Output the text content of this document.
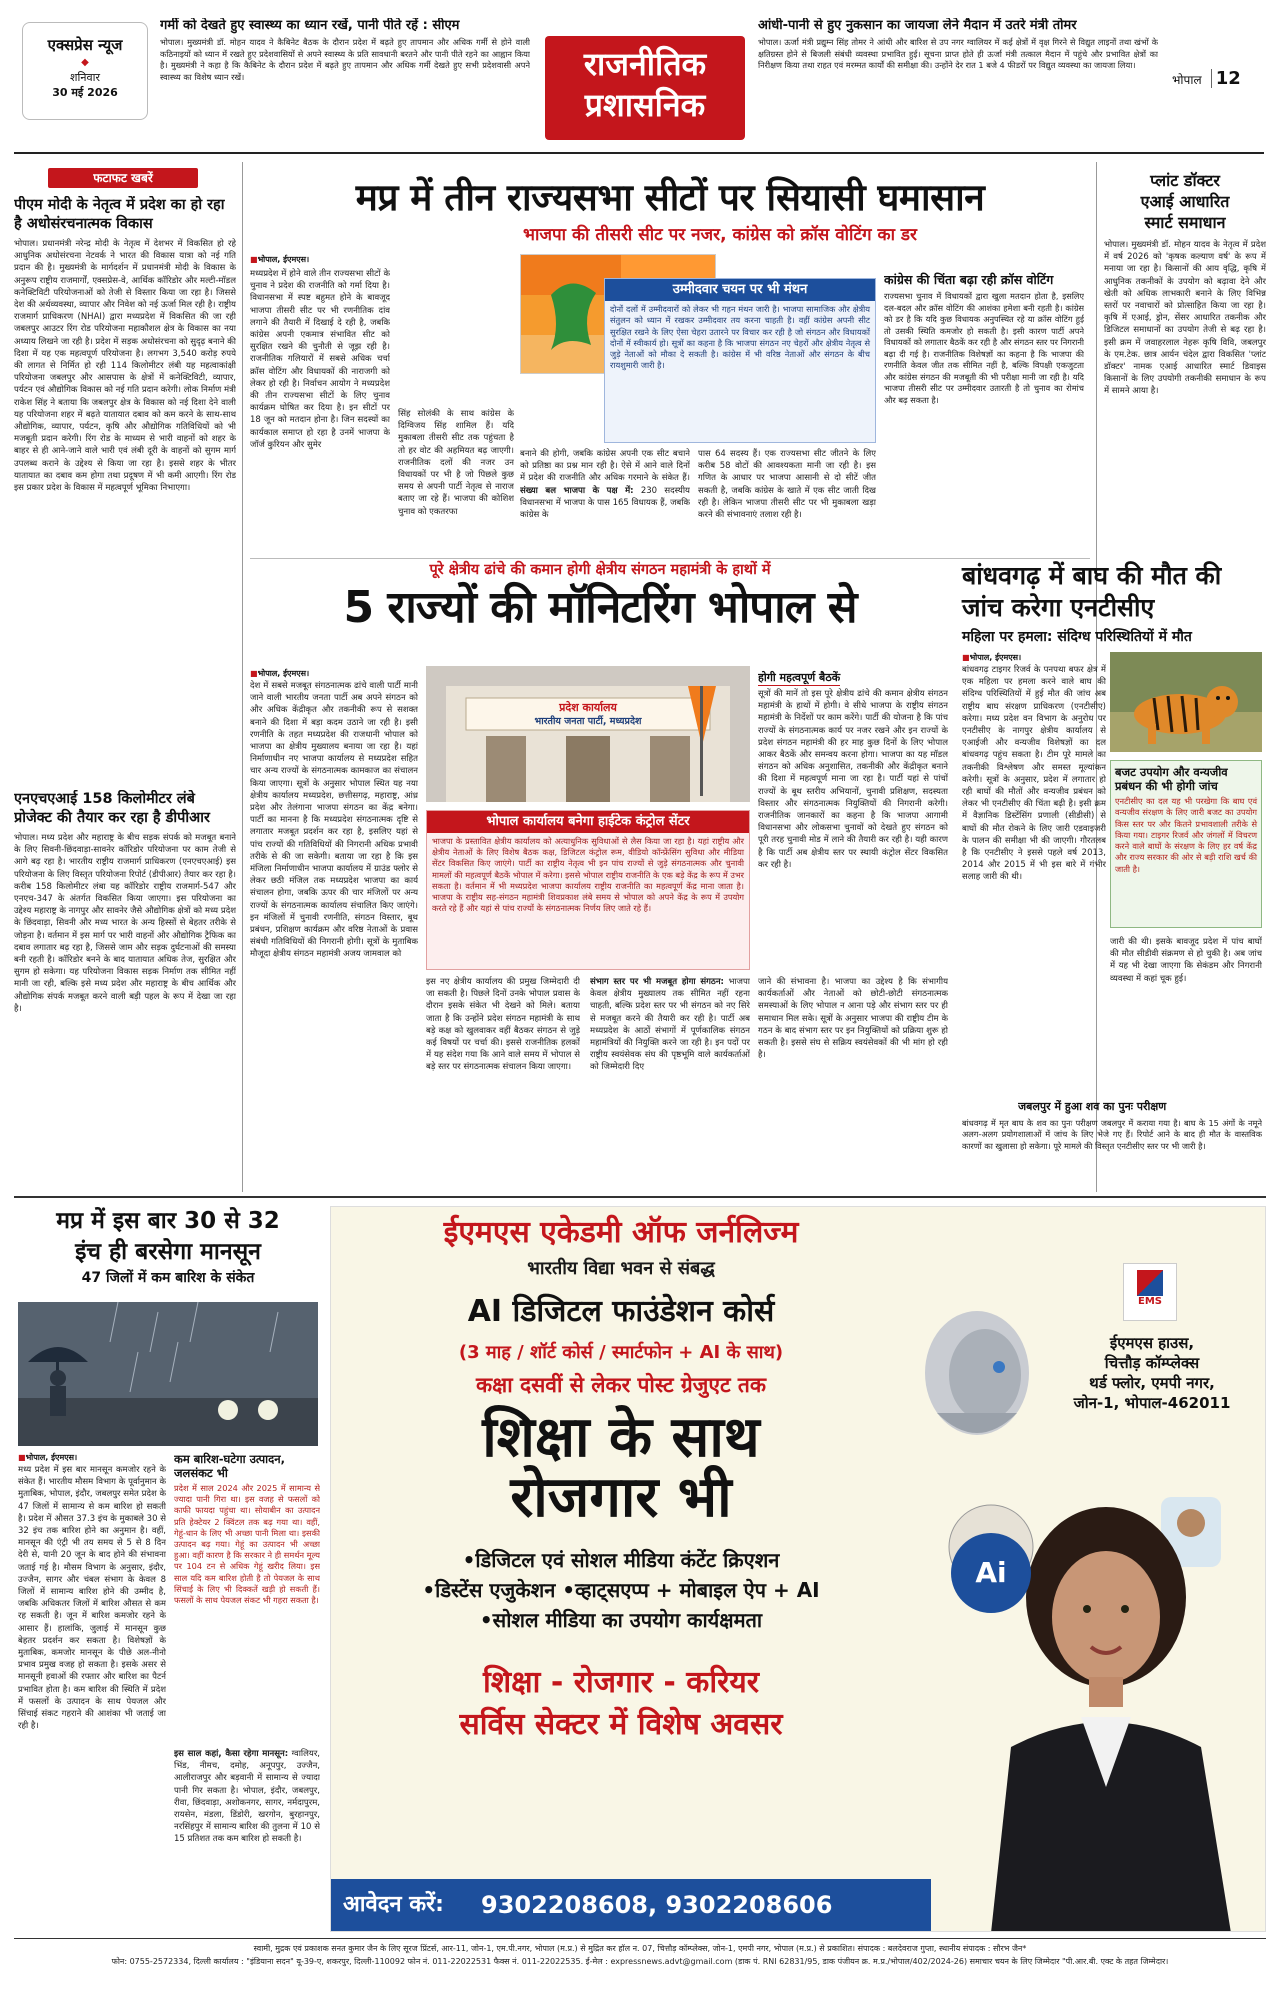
एक्सप्रेस न्यूज
◆
शनिवार
30 मई 2026
गर्मी को देखते हुए स्वास्थ्य का ध्यान रखें, पानी पीते रहें : सीएम
भोपाल। मुख्यमंत्री डॉ. मोहन यादव ने कैबिनेट बैठक के दौरान प्रदेश में बढ़ते हुए तापमान और अधिक गर्मी से होने वाली कठिनाइयों को ध्यान में रखते हुए प्रदेशवासियों से अपने स्वास्थ्य के प्रति सावधानी बरतने और पानी पीते रहने का आह्वान किया है। मुख्यमंत्री ने कहा है कि कैबिनेट के दौरान प्रदेश में बढ़ते हुए तापमान और अधिक गर्मी देखते हुए सभी प्रदेशवासी अपने स्वास्थ्य का विशेष ध्यान रखें।	राजनीतिक
प्रशासनिक
आंधी-पानी से हुए नुकसान का जायजा लेने मैदान में उतरे मंत्री तोमर
भोपाल। ऊर्जा मंत्री प्रद्युम्न सिंह तोमर ने आंधी और बारिश से उप नगर ग्वालियर में कई क्षेत्रों में वृक्ष गिरने से विद्युत लाइनों तथा खंभों के क्षतिग्रस्त होने से बिजली संबंधी व्यवस्था प्रभावित हुई। सूचना प्राप्त होते ही ऊर्जा मंत्री तत्काल मैदान में पहुंचे और प्रभावित क्षेत्रों का निरीक्षण किया तथा राहत एवं मरम्मत कार्यों की समीक्षा की। उन्होंने देर रात 1 बजे 4 फीडरों पर विद्युत व्यवस्था का जायजा लिया।
भोपाल 12
फटाफट खबरें
पीएम मोदी के नेतृत्व में प्रदेश का हो रहा है अधोसंरचनात्मक विकास
भोपाल। प्रधानमंत्री नरेन्द्र मोदी के नेतृत्व में देशभर में विकसित हो रहे आधुनिक अधोसंरचना नेटवर्क ने भारत की विकास यात्रा को नई गति प्रदान की है। मुख्यमंत्री के मार्गदर्शन में प्रधानमंत्री मोदी के विकास के अनुरूप राष्ट्रीय राजमार्गों, एक्सप्रेस-वे, आर्थिक कॉरिडोर और मल्टी-मॉडल कनेक्टिविटी परियोजनाओं को तेजी से विस्तार किया जा रहा है। जिससे देश की अर्थव्यवस्था, व्यापार और निवेश को नई ऊर्जा मिल रही है। राष्ट्रीय राजमार्ग प्राधिकरण (NHAI) द्वारा मध्यप्रदेश में विकसित की जा रही जबलपुर आउटर रिंग रोड परियोजना महाकौशल क्षेत्र के विकास का नया अध्याय लिखने जा रही है। प्रदेश में सड़क अधोसंरचना को सुदृढ़ बनाने की दिशा में यह एक महत्वपूर्ण परियोजना है। लगभग 3,540 करोड़ रुपये की लागत से निर्मित हो रही 114 किलोमीटर लंबी यह महत्वाकांक्षी परियोजना जबलपुर और आसपास के क्षेत्रों में कनेक्टिविटी, व्यापार, पर्यटन एवं औद्योगिक विकास को नई गति प्रदान करेगी। लोक निर्माण मंत्री राकेश सिंह ने बताया कि जबलपुर क्षेत्र के विकास को नई दिशा देने वाली यह परियोजना शहर में बढ़ते यातायात दबाव को कम करने के साथ-साथ औद्योगिक, व्यापार, पर्यटन, कृषि और औद्योगिक गतिविधियों को भी मजबूती प्रदान करेगी। रिंग रोड के माध्यम से भारी वाहनों को शहर के बाहर से ही आने-जाने वाले भारी एवं लंबी दूरी के वाहनों को सुगम मार्ग उपलब्ध कराने के उद्देश्य से किया जा रहा है। इससे शहर के भीतर यातायात का दबाव कम होगा तथा प्रदूषण में भी कमी आएगी। रिंग रोड इस प्रकार प्रदेश के विकास में महत्वपूर्ण भूमिका निभाएगा।
एनएचएआई 158 किलोमीटर लंबे प्रोजेक्ट की तैयार कर रहा है डीपीआर
भोपाल। मध्य प्रदेश और महाराष्ट्र के बीच सड़क संपर्क को मजबूत बनाने के लिए सिवनी-छिंदवाड़ा-सावनेर कॉरिडोर परियोजना पर काम तेजी से आगे बढ़ रहा है। भारतीय राष्ट्रीय राजमार्ग प्राधिकरण (एनएचएआई) इस परियोजना के लिए विस्तृत परियोजना रिपोर्ट (डीपीआर) तैयार कर रहा है। करीब 158 किलोमीटर लंबा यह कॉरिडोर राष्ट्रीय राजमार्ग-547 और एनएच-347 के अंतर्गत विकसित किया जाएगा। इस परियोजना का उद्देश्य महाराष्ट्र के नागपुर और सावनेर जैसे औद्योगिक क्षेत्रों को मध्य प्रदेश के छिंदवाड़ा, सिवनी और मध्य भारत के अन्य हिस्सों से बेहतर तरीके से जोड़ना है। वर्तमान में इस मार्ग पर भारी वाहनों और औद्योगिक ट्रैफिक का दबाव लगातार बढ़ रहा है, जिससे जाम और सड़क दुर्घटनाओं की समस्या बनी रहती है। कॉरिडोर बनने के बाद यातायात अधिक तेज, सुरक्षित और सुगम हो सकेगा। यह परियोजना विकास सड़क निर्माण तक सीमित नहीं मानी जा रही, बल्कि इसे मध्य प्रदेश और महाराष्ट्र के बीच आर्थिक और औद्योगिक संपर्क मजबूत करने वाली बड़ी पहल के रूप में देखा जा रहा है।
मप्र में तीन राज्यसभा सीटों पर सियासी घमासान
भाजपा की तीसरी सीट पर नजर, कांग्रेस को क्रॉस वोटिंग का डर
■ भोपाल, ईएमएस।
मध्यप्रदेश में होने वाले तीन राज्यसभा सीटों के चुनाव ने प्रदेश की राजनीति को गर्मा दिया है। विधानसभा में स्पष्ट बहुमत होने के बावजूद भाजपा तीसरी सीट पर भी रणनीतिक दांव लगाने की तैयारी में दिखाई दे रही है, जबकि कांग्रेस अपनी एकमात्र संभावित सीट को सुरक्षित रखने की चुनौती से जूझ रही है। राजनीतिक गलियारों में सबसे अधिक चर्चा क्रॉस वोटिंग और विधायकों की नाराजगी को लेकर हो रही है। निर्वाचन आयोग ने मध्यप्रदेश की तीन राज्यसभा सीटों के लिए चुनाव कार्यक्रम घोषित कर दिया है। इन सीटों पर 18 जून को मतदान होना है। जिन सदस्यों का कार्यकाल समाप्त हो रहा है उनमें भाजपा के जॉर्ज कुरियन और सुमेर
सिंह सोलंकी के साथ कांग्रेस के दिग्विजय सिंह शामिल हैं। यदि मुकाबला तीसरी सीट तक पहुंचता है तो हर वोट की अहमियत बढ़ जाएगी। राजनीतिक दलों की नजर उन विधायकों पर भी है जो पिछले कुछ समय से अपनी पार्टी नेतृत्व से नाराज बताए जा रहे हैं। भाजपा की कोशिश चुनाव को एकतरफा
उम्मीदवार चयन पर भी मंथन
दोनों दलों में उम्मीदवारों को लेकर भी गहन मंथन जारी है। भाजपा सामाजिक और क्षेत्रीय संतुलन को ध्यान में रखकर उम्मीदवार तय करना चाहती है। वहीं कांग्रेस अपनी सीट सुरक्षित रखने के लिए ऐसा चेहरा उतारने पर विचार कर रही है जो संगठन और विधायकों दोनों में स्वीकार्य हो। सूत्रों का कहना है कि भाजपा संगठन नए चेहरों और क्षेत्रीय नेतृत्व से जुड़े नेताओं को मौका दे सकती है। कांग्रेस में भी वरिष्ठ नेताओं और संगठन के बीच रायशुमारी जारी है।
बनाने की होगी, जबकि कांग्रेस अपनी एक सीट बचाने को प्रतिष्ठा का प्रश्न मान रही है। ऐसे में आने वाले दिनों में प्रदेश की राजनीति और अधिक गरमाने के संकेत हैं। संख्या बल भाजपा के पक्ष में: 230 सदस्यीय विधानसभा में भाजपा के पास 165 विधायक हैं, जबकि कांग्रेस के
पास 64 सदस्य हैं। एक राज्यसभा सीट जीतने के लिए करीब 58 वोटों की आवश्यकता मानी जा रही है। इस गणित के आधार पर भाजपा आसानी से दो सीटें जीत सकती है, जबकि कांग्रेस के खाते में एक सीट जाती दिख रही है। लेकिन भाजपा तीसरी सीट पर भी मुकाबला खड़ा करने की संभावनाएं तलाश रही है।
कांग्रेस की चिंता बढ़ा रही क्रॉस वोटिंग
राज्यसभा चुनाव में विधायकों द्वारा खुला मतदान होता है, इसलिए दल-बदल और क्रॉस वोटिंग की आशंका हमेशा बनी रहती है। कांग्रेस को डर है कि यदि कुछ विधायक अनुपस्थित रहे या क्रॉस वोटिंग हुई तो उसकी स्थिति कमजोर हो सकती है। इसी कारण पार्टी अपने विधायकों को लगातार बैठकें कर रही है और संगठन स्तर पर निगरानी बढ़ा दी गई है। राजनीतिक विशेषज्ञों का कहना है कि भाजपा की रणनीति केवल जीत तक सीमित नहीं है, बल्कि विपक्षी एकजुटता और कांग्रेस संगठन की मजबूती की भी परीक्षा मानी जा रही है। यदि भाजपा तीसरी सीट पर उम्मीदवार उतारती है तो चुनाव का रोमांच और बढ़ सकता है।
प्लांट डॉक्टर
एआई आधारित
स्मार्ट समाधान
भोपाल। मुख्यमंत्री डॉ. मोहन यादव के नेतृत्व में प्रदेश में वर्ष 2026 को 'कृषक कल्याण वर्ष' के रूप में मनाया जा रहा है। किसानों की आय वृद्धि, कृषि में आधुनिक तकनीकों के उपयोग को बढ़ावा देने और खेती को अधिक लाभकारी बनाने के लिए विभिन्न स्तरों पर नवाचारों को प्रोत्साहित किया जा रहा है। कृषि में एआई, ड्रोन, सेंसर आधारित तकनीक और डिजिटल समाधानों का उपयोग तेजी से बढ़ रहा है। इसी क्रम में जवाहरलाल नेहरू कृषि विवि, जबलपुर के एम.टेक. छात्र आर्यन चंदेल द्वारा विकसित 'प्लांट डॉक्टर' नामक एआई आधारित स्मार्ट डिवाइस किसानों के लिए उपयोगी तकनीकी समाधान के रूप में सामने आया है।
बांधवगढ़ में बाघ की मौत की जांच करेगा एनटीसीए
महिला पर हमला: संदिग्ध परिस्थितियों में मौत
■ भोपाल, ईएमएस।
बांधवगढ़ टाइगर रिजर्व के पनपथा बफर क्षेत्र में एक महिला पर हमला करने वाले बाघ की संदिग्ध परिस्थितियों में हुई मौत की जांच अब राष्ट्रीय बाघ संरक्षण प्राधिकरण (एनटीसीए) करेगा। मध्य प्रदेश वन विभाग के अनुरोध पर एनटीसीए के नागपुर क्षेत्रीय कार्यालय से एआईजी और वन्यजीव विशेषज्ञों का दल बांधवगढ़ पहुंच सकता है। टीम पूरे मामले का तकनीकी विश्लेषण और समस्त मूल्यांकन करेगी। सूत्रों के अनुसार, प्रदेश में लगातार हो रही बाघों की मौतों और वन्यजीव प्रबंधन को लेकर भी एनटीसीए की चिंता बढ़ी है। इसी क्रम में वैज्ञानिक डिस्टेंसिंग प्रणाली (सीडीसी) से बाघों की मौत रोकने के लिए जारी एडवाइजरी के पालन की समीक्षा भी की जाएगी। गौरतलब है कि एनटीसीए ने इससे पहले वर्ष 2013, 2014 और 2015 में भी इस बारे में गंभीर सलाह जारी की थी।
बजट उपयोग और वन्यजीव प्रबंधन की भी होगी जांच
एनटीसीए का दल यह भी परखेगा कि बाघ एवं वन्यजीव संरक्षण के लिए जारी बजट का उपयोग किस स्तर पर और कितने प्रभावशाली तरीके से किया गया। टाइगर रिजर्व और जंगलों में विचरण करने वाले बाघों के संरक्षण के लिए हर वर्ष केंद्र और राज्य सरकार की ओर से बड़ी राशि खर्च की जाती है।
जारी की थी। इसके बावजूद प्रदेश में पांच बाघों की मौत सीडीवी संक्रमण से हो चुकी है। अब जांच में यह भी देखा जाएगा कि सेकंडम और निगरानी व्यवस्था में कहां चूक हुई।
जबलपुर में हुआ शव का पुनः परीक्षण
बांधवगढ़ में मृत बाघ के शव का पुनः परीक्षण जबलपुर में कराया गया है। बाघ के 15 अंगों के नमूने अलग-अलग प्रयोगशालाओं में जांच के लिए भेजे गए हैं। रिपोर्ट आने के बाद ही मौत के वास्तविक कारणों का खुलासा हो सकेगा। पूरे मामले की विस्तृत एनटीसीए स्तर पर भी जारी है।
पूरे क्षेत्रीय ढांचे की कमान होगी क्षेत्रीय संगठन महामंत्री के हाथों में
5 राज्यों की मॉनिटरिंग भोपाल से
■ भोपाल, ईएमएस।
देश में सबसे मजबूत संगठनात्मक ढांचे वाली पार्टी मानी जाने वाली भारतीय जनता पार्टी अब अपने संगठन को और अधिक केंद्रीकृत और तकनीकी रूप से सशक्त बनाने की दिशा में बड़ा कदम उठाने जा रही है। इसी रणनीति के तहत मध्यप्रदेश की राजधानी भोपाल को भाजपा का क्षेत्रीय मुख्यालय बनाया जा रहा है। यहां निर्माणाधीन नए भाजपा कार्यालय से मध्यप्रदेश सहित चार अन्य राज्यों के संगठनात्मक कामकाज का संचालन किया जाएगा। सूत्रों के अनुसार भोपाल स्थित यह नया क्षेत्रीय कार्यालय मध्यप्रदेश, छत्तीसगढ़, महाराष्ट्र, आंध्र प्रदेश और तेलंगाना भाजपा संगठन का केंद्र बनेगा। पार्टी का मानना है कि मध्यप्रदेश संगठनात्मक दृष्टि से लगातार मजबूत प्रदर्शन कर रहा है, इसलिए यहां से पांच राज्यों की गतिविधियों की निगरानी अधिक प्रभावी तरीके से की जा सकेगी। बताया जा रहा है कि इस मंजिला निर्माणाधीन भाजपा कार्यालय में ग्राउंड फ्लोर से लेकर छठी मंजिल तक मध्यप्रदेश भाजपा का कार्य संचालन होगा, जबकि ऊपर की चार मंजिलों पर अन्य राज्यों के संगठनात्मक कार्यालय संचालित किए जाएंगे। इन मंजिलों में चुनावी रणनीति, संगठन विस्तार, बूथ प्रबंधन, प्रशिक्षण कार्यक्रम और वरिष्ठ नेताओं के प्रवास संबंधी गतिविधियों की निगरानी होगी। सूत्रों के मुताबिक मौजूदा क्षेत्रीय संगठन महामंत्री अजय जामवाल को
प्रदेश कार्यालय
भारतीय जनता पार्टी, मध्यप्रदेश
भोपाल कार्यालय बनेगा हाईटेक कंट्रोल सेंटर
भाजपा के प्रस्तावित क्षेत्रीय कार्यालय को अत्याधुनिक सुविधाओं से लैस किया जा रहा है। यहां राष्ट्रीय और क्षेत्रीय नेताओं के लिए विशेष बैठक कक्ष, डिजिटल कंट्रोल रूम, वीडियो कॉन्फ्रेंसिंग सुविधा और मीडिया सेंटर विकसित किए जाएंगे। पार्टी का राष्ट्रीय नेतृत्व भी इन पांच राज्यों से जुड़े संगठनात्मक और चुनावी मामलों की महत्वपूर्ण बैठकें भोपाल में करेगा। इससे भोपाल राष्ट्रीय राजनीति के एक बड़े केंद्र के रूप में उभर सकता है। वर्तमान में भी मध्यप्रदेश भाजपा कार्यालय राष्ट्रीय राजनीति का महत्वपूर्ण केंद्र माना जाता है। भाजपा के राष्ट्रीय सह-संगठन महामंत्री शिवप्रकाश लंबे समय से भोपाल को अपने केंद्र के रूप में उपयोग करते रहे हैं और यहां से पांच राज्यों के संगठनात्मक निर्णय लिए जाते रहे हैं।
इस नए क्षेत्रीय कार्यालय की प्रमुख जिम्मेदारी दी जा सकती है। पिछले दिनों उनके भोपाल प्रवास के दौरान इसके संकेत भी देखने को मिले। बताया जाता है कि उन्होंने प्रदेश संगठन महामंत्री के साथ बड़े कक्ष को खुलवाकर वहीं बैठकर संगठन से जुड़े कई विषयों पर चर्चा की। इससे राजनीतिक हलकों में यह संदेश गया कि आने वाले समय में भोपाल से बड़े स्तर पर संगठनात्मक संचालन किया जाएगा।
संभाग स्तर पर भी मजबूत होगा संगठन: भाजपा केवल क्षेत्रीय मुख्यालय तक सीमित नहीं रहना चाहती, बल्कि प्रदेश स्तर पर भी संगठन को नए सिरे से मजबूत करने की तैयारी कर रही है। पार्टी अब मध्यप्रदेश के आठों संभागों में पूर्णकालिक संगठन महामंत्रियों की नियुक्ति करने जा रही है। इन पदों पर राष्ट्रीय स्वयंसेवक संघ की पृष्ठभूमि वाले कार्यकर्ताओं को जिम्मेदारी दिए
होगी महत्वपूर्ण बैठकें
सूत्रों की मानें तो इस पूरे क्षेत्रीय ढांचे की कमान क्षेत्रीय संगठन महामंत्री के हाथों में होगी। वे सीधे भाजपा के राष्ट्रीय संगठन महामंत्री के निर्देशों पर काम करेंगे। पार्टी की योजना है कि पांच राज्यों के संगठनात्मक कार्य पर नजर रखने और इन राज्यों के प्रदेश संगठन महामंत्री की हर माह कुछ दिनों के लिए भोपाल आकर बैठकें और समन्वय करना होगा। भाजपा का यह मॉडल संगठन को अधिक अनुशासित, तकनीकी और केंद्रीकृत बनाने की दिशा में महत्वपूर्ण माना जा रहा है। पार्टी यहां से पांचों राज्यों के बूथ स्तरीय अभियानों, चुनावी प्रशिक्षण, सदस्यता विस्तार और संगठनात्मक नियुक्तियों की निगरानी करेगी। राजनीतिक जानकारों का कहना है कि भाजपा आगामी विधानसभा और लोकसभा चुनावों को देखते हुए संगठन को पूरी तरह चुनावी मोड में लाने की तैयारी कर रही है। यही कारण है कि पार्टी अब क्षेत्रीय स्तर पर स्थायी कंट्रोल सेंटर विकसित कर रही है।
जाने की संभावना है। भाजपा का उद्देश्य है कि संभागीय कार्यकर्ताओं और नेताओं को छोटी-छोटी संगठनात्मक समस्याओं के लिए भोपाल न आना पड़े और संभाग स्तर पर ही समाधान मिल सके। सूत्रों के अनुसार भाजपा की राष्ट्रीय टीम के गठन के बाद संभाग स्तर पर इन नियुक्तियों को प्रक्रिया शुरू हो सकती है। इससे संघ से सक्रिय स्वयंसेवकों की भी मांग हो रही है।
मप्र में इस बार 30 से 32
इंच ही बरसेगा मानसून
47 जिलों में कम बारिश के संकेत
■ भोपाल, ईएमएस।
मध्य प्रदेश में इस बार मानसून कमजोर रहने के संकेत हैं। भारतीय मौसम विभाग के पूर्वानुमान के मुताबिक, भोपाल, इंदौर, जबलपुर समेत प्रदेश के 47 जिलों में सामान्य से कम बारिश हो सकती है। प्रदेश में औसत 37.3 इंच के मुकाबले 30 से 32 इंच तक बारिश होने का अनुमान है। वहीं, मानसून की एंट्री भी तय समय से 5 से 8 दिन देरी से, यानी 20 जून के बाद होने की संभावना जताई गई है। मौसम विभाग के अनुसार, इंदौर, उज्जैन, सागर और चंबल संभाग के केवल 8 जिलों में सामान्य बारिश होने की उम्मीद है, जबकि अधिकतर जिलों में बारिश औसत से कम रह सकती है। जून में बारिश कमजोर रहने के आसार हैं। हालांकि, जुलाई में मानसून कुछ बेहतर प्रदर्शन कर सकता है। विशेषज्ञों के मुताबिक, कमजोर मानसून के पीछे अल-नीनो प्रभाव प्रमुख वजह हो सकता है। इसके असर से मानसूनी हवाओं की रफ्तार और बारिश का पैटर्न प्रभावित होता है। कम बारिश की स्थिति में प्रदेश में फसलों के उत्पादन के साथ पेयजल और सिंचाई संकट गहराने की आशंका भी जताई जा रही है।
कम बारिश-घटेगा उत्पादन, जलसंकट भी
प्रदेश में साल 2024 और 2025 में सामान्य से ज्यादा पानी गिरा था। इस वजह से फसलों को काफी फायदा पहुंचा था। सोयाबीन का उत्पादन प्रति हेक्टेयर 2 क्विंटल तक बढ़ गया था। वहीं, गेहूं-धान के लिए भी अच्छा पानी मिला था। इसकी उत्पादन बढ़ गया। गेहूं का उत्पादन भी अच्छा हुआ। वहीं कारण है कि सरकार ने ही समर्थन मूल्य पर 104 टन से अधिक गेहूं खरीद लिया। इस साल यदि कम बारिश होती है तो पेयजल के साथ सिंचाई के लिए भी दिक्कतें खड़ी हो सकती हैं। फसलों के साथ पेयजल संकट भी गहरा सकता है।
इस साल कहां, कैसा रहेगा मानसून: ग्वालियर, भिंड, नीमच, दमोह, अनूपपुर, उज्जैन, आलीराजपुर और बड़वानी में सामान्य से ज्यादा पानी गिर सकता है। भोपाल, इंदौर, जबलपुर, रीवा, छिंदवाड़ा, अशोकनगर, सागर, नर्मदापुरम, रायसेन, मंडला, डिंडोरी, खरगोन, बुरहानपुर, नरसिंहपुर में सामान्य बारिश की तुलना में 10 से 15 प्रतिशत तक कम बारिश हो सकती है।
ईएमएस एकेडमी ऑफ जर्नलिज्म
भारतीय विद्या भवन से संबद्ध
AI डिजिटल फाउंडेशन कोर्स
(3 माह / शॉर्ट कोर्स / स्मार्टफोन + AI के साथ)
कक्षा दसवीं से लेकर पोस्ट ग्रेजुएट तक
EMS
ईएमएस हाउस,
चित्तौड़ कॉम्प्लेक्स
थर्ड फ्लोर, एमपी नगर,
जोन-1, भोपाल-462011
शिक्षा के साथ
रोजगार भी
•डिजिटल एवं सोशल मीडिया कंटेंट क्रिएशन
•डिस्टेंस एजुकेशन •व्हाट्सएप्प + मोबाइल ऐप + AI
•सोशल मीडिया का उपयोग कार्यक्षमता
शिक्षा - रोजगार - करियर
सर्विस सेक्टर में विशेष अवसर
Ai
आवेदन करें: 9302208608, 9302208606
स्वामी, मुद्रक एवं प्रकाशक सनत कुमार जैन के लिए सूरज प्रिंटर्स, आर-11, जोन-1, एम.पी.नगर, भोपाल (म.प्र.) से मुद्रित कर हॉल न. 07, चित्तौड़ कॉम्प्लेक्स, जोन-1, एमपी नगर, भोपाल (म.प्र.) से प्रकाशित। संपादक : बलदेवराज गुप्ता, स्थानीय संपादक : सौरभ जैन*
फोन: 0755-2572334, दिल्ली कार्यालय : "इंडियाना सदन" यू-39-ए, शकरपुर, दिल्ली-110092 फोन नं. 011-22022531 फैक्स नं. 011-22022535. ई-मेल : expressnews.advt@gmail.com (डाक पं. RNI 62831/95, डाक पंजीयन क्र. म.प्र./भोपाल/402/2024-26) समाचार चयन के लिए जिम्मेदार "पी.आर.बी. एक्ट के तहत जिम्मेदार।
